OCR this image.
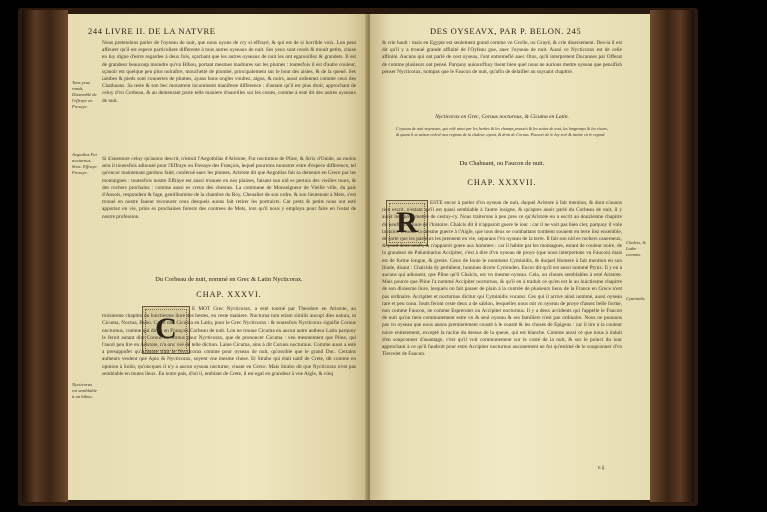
244 LIVRE II. DE LA NATVRE
Tons yeux ronds, Dissemblé de l'effraye en Fresaye.
Aegotilas Fur nocturnus. Strix. Effraye. Fresaye.
Nycticorax est semblable à un hibou.
Nous pretendons parler de l'oyseau de nuit, que nous oyons de cry si effrayé, & qui est de si horrible voix. Lon peut affeurer qu'il est espece particuliere differente à tous autres oyseaux de nuit. Ses yeux sont ronds & moult petits, chose en luy digne d'estre regardee à deux fois, sçachant que les autres oyseaux de nuit les ont egarouillez & grandets. Il est de grandeur beaucoup moindre qu'vn Hibou, portant mesmes madrures sur les plumes : toutesfois il est d'autre couleur, sçauoir est quelque peu plus noiraftre, mouchetté de plombé, principalement sur le bout des aisles, & de la queuë. Ses iambes & pieds sont couuertes de plumes, ayans bons ongles voultez, aigus, & noirs, aussi ordonnez comme ceux des Chathuans. Sa teste & son bec monstrent incontinent manifeste difference : d'autant qu'il est plus droit, approchant de celuy d'vn Corbeau, & au demeurant porte telle maniere d'aureilles sur les costes, comme à esté dit des autres oyseaux de nuit.
Si d'auenture celuy qu'auons descrit, n'estoit l'Aegothilas d'Aristote, Fur nocturnus de Pline, & Strix d'Ouide, au moins sera il toutesfois adiousté pour l'Effraye ou Fresaye des François, lequel pourrons monstrer estre d'espece difference, tel qu'encor maintenant gardons faité, conferué auec les plumes. Aristote dit que Aegotilas fait sa demeure en Grece par les montaignes : toutesfois nostre Effraye est aussi trouuee en nos plaines, faisant son nid es pertuis des vieilles tours, & des rochers prochains : comme aussi es creux des chesnes. La commune de Monseigneur de Vieille ville, du pais d'Ansois, respondent & fage, gentilhomme de la chambre du Roy, Cheualier de son ordre, & son lieutenant à Mets, s'est trouué en nostre faueur recouurer ceux desquels auons fait retirer les portraicts. Car pretz & petits nous ont esté apportez en vie, prins es prochaines forests des contrees de Mets, lors qu'il nous y employa pour faire en l'estat de nostre profession.
Du Corbeau de nuit, nommé en Grec & Latin Nycticorax.
CHAP. XXXVI.
C
E MOT Grec Nycticorax, a esté tourné par Theodore en Aristote, au troisiesme chapitre du huictiesme liure des bestes, en ceste maniere. Nocturna tum etiam similis aucupi dies natura, ut Cicuma, Noctua, Bubo. Car il met Cicuma en Latin, pour le Grec Nycticorax : & toutesfois Nycticorax signifie Coruus nocturnus, comme qui diroit en François Corbeau de nuit. Lon ne trouue Cicuma en aucun autre autheur Latin parquoy le feroit autant dire Coruus nocturnus pour Nycticorax, que de prononcer Cicuma : veu mesmement que Pline, qui l'auoit peu lire en Aristote, n'a onc vsé de telle diction. Laine Cicuma, ains à dit Coruus nocturnus. Comme aussi a esté a presuppofer qu'Aristote n'ait le Nycticorax comme pour oyseau de nuit, qu'ossible que le grand Duc. Certains autheurs veulent que Apio & Nycticorax, soyent vne mesme chose. Et Strabo qui était natif de Crete, dit comme en opinion à Solin, qu'oncques il n'y a aucun oyseau nocturne, viuant en Grece. Mais Strabo dit que Nycticorax n'est pas semblable en toutes lieux. En notre pais, d'où il, emblant de Crete, il est egal en grandeur à vne Aigle, & cinq
DES OYSEAVX, PAR P. BELON. 245
& crie hault : mais en Egypte est seulement grand comme vn Grolle, ou Grayé, & crie diuersement. Des-ia il est dit qu'il y a trouué grande affinité de l'Oyfeau gue, auec l'oyseau de nuit. Aussi ce Nycticorax est de celle affinité. Aucuns qui ont parlé de cest oyseau, l'ont entremeflé auec Otus, qu'il interpretent Docannes par Offerat de comme plusieurs ont pensé. Parquoy auiourd'huy lisent bien quel nous ne aurions mettre oyseau que pensifish penser Nycticorax, nompas que le Faucon de nuit, qu'afin de delaifter au suyuant chapitre.
Nycticorax en Grec, Coruus nocturnus, & Cicuma en Latin.
L'oyseau de nuit noyrastre, qui volé ainsi par les herbes & les champs poussés & les suites de tout, les longtemps & les rieurs, & quant il se saison enlevé aux regions de la chaleur, ayant, & droit de Coruus. Pouvoir de le luy voir & mettre en le regard.
Du Chahuant, ou Faucon de nuit.
CHAP. XXXVII.
R
ESTE encor à parler d'vn oyseau de nuit, duquel Aristote à fait mention, & dont n'auons rien escrit, n'estant qu'il est quasi semblable à l'autre insigne, & qu'apres auoir parlé du Corbeau de nuit, il y auoit lieu pour mettre de cestuy-cy. Nous traiterons à peu pres ce qu'Aristote en a escrit au douziesme chapitre du neufiesme liure de l'histoire. Chalcis dit il n'apparoit guere le iour : car il ne voit pas bien cler, parquoy il vole la nuict. Il mene la mesme guerre à l'Aigle, que tous deux se combattans tombent souuent en terre liez ensemble, de sorte que les pasteurs les prennent en vie, separans l'vn oyseau de la terre. Il fait son nid es rochers cauerneux, & pond deux oeufs, & n'apparoit guere aux hommes : car il habite par les montagnes, estant de couleur noire, de la grandeur de Palumbarius Accipiter, c'est à dire d'vn oyseau de proye (que nous interpretons vn Faucon) mais est de forme longue, & greste. Ceux de Ionie le nomment Cyminidis, & duquel Homere à fait mention en son Iliade, disant : Chalcida dy perhibent, homines dicere Cyminden. Encor dit qu'il est aussi nommé Ptynx. Il y en à aucuns qui adiouent, que Pline qu'il Chalcis, est vn mesme oyseau. Cela, ou choses semblables à esté Aristote. Mais pource que Pline l'a nommé Accipiter nocturnus, & qu'il en à traduit ce qu'en est le au huictiesme chapitre de son dixiesme liure, lesquels on fait passer de plain à la contrée de plusieurs lieux de la France en Grece n'est pas ordinaire. Accipiter et nocturnus dicitur qui Cyminidis vocatur. Ces qui il arrive ainsi nommé, aussi oyseau rare et peu conu. Iouts feront ceste deux a de sablon, lesquelles nous ont vn oyseau de proye d'assez belle forme, non comme Faucon, ne comme Espreruier ou Accipiter nocturnus. Il y a deux accidents qui l'appelle le Faucon de nuit qu'on tient communement estre vn & seul oyseau & ses familiers n'est pas ordinaire. Nous ne pouuons pas vn oyseau que nous auons premierement cousté à le cousté & les choses de Epigeus : car il tire à la couleur noire entierement, excepté la racine du dessus de la queue, qui est blanche. Comme aussi ce que nous à induit d'en soupconner d'auantage, c'est qu'il voit communement sur le costé de la nuit, & sur le poinct du iour approchant à ce qu'il faudroit pour estre Accipiter nocturnus aucunement ne fut qu'estimé de le soupconner d'vn Tiercelet de Faucon.
Chalcis, & Lathe commis.
Cyminidis
n ij
